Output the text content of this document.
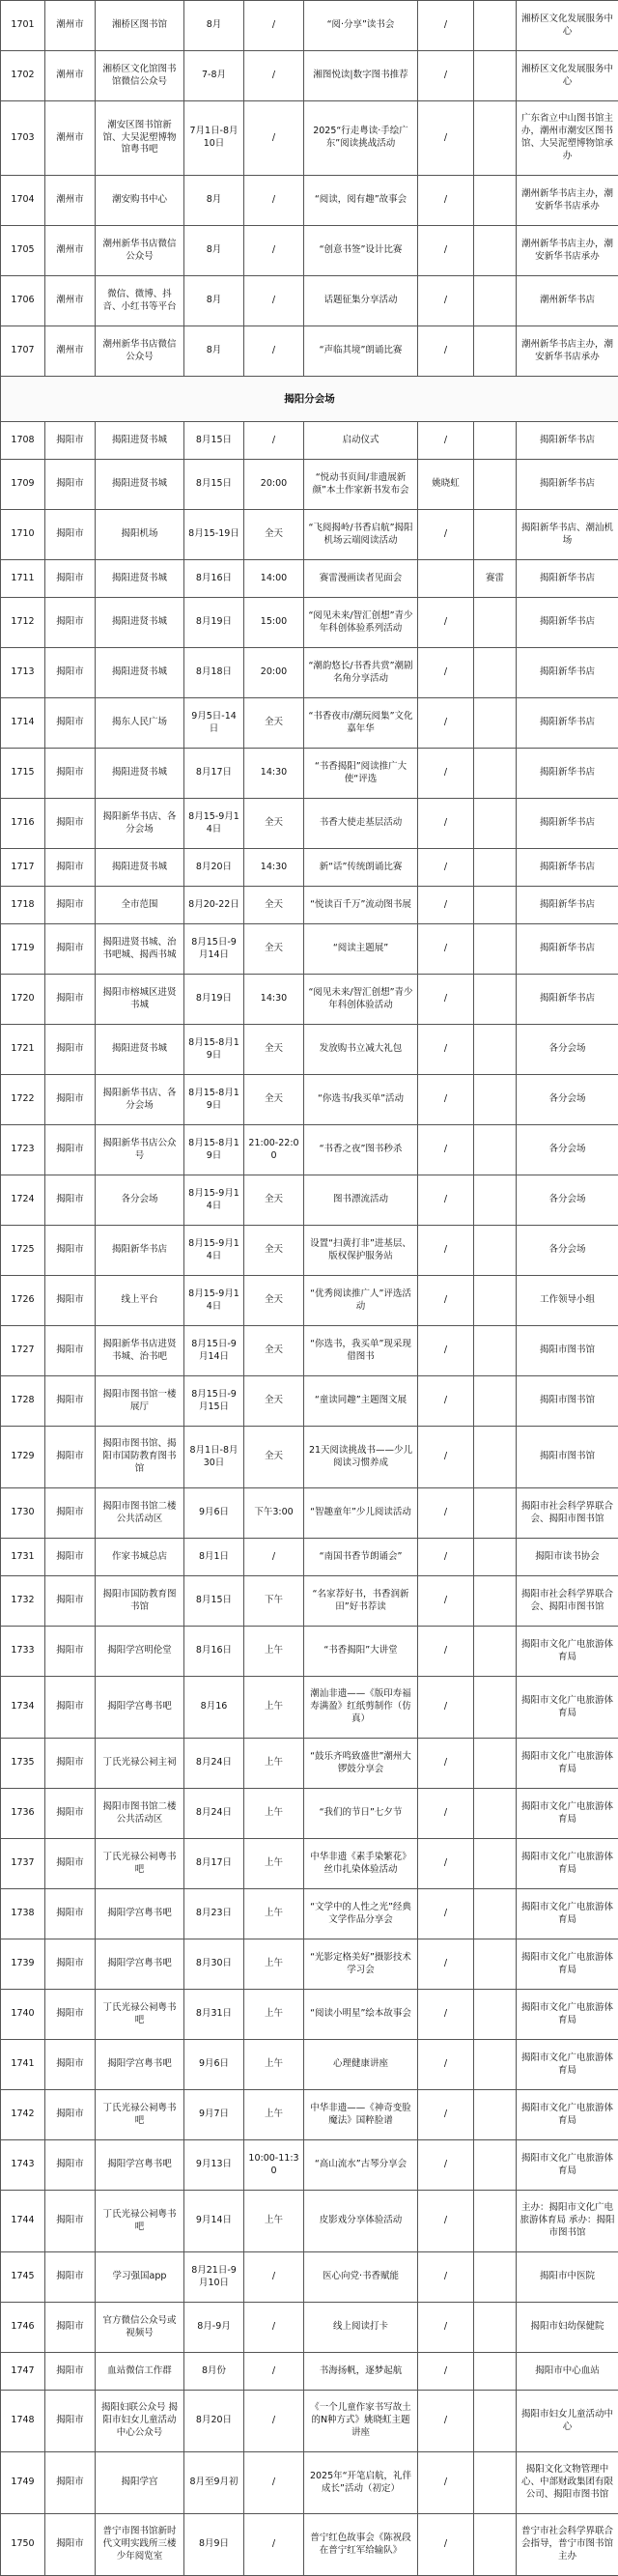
1701	潮州市	湘桥区图书馆	8月	/	“阅·分享”读书会	/		湘桥区文化发展服务中心
1702	潮州市	湘桥区文化馆图书馆微信公众号	7-8月	/	湘图悦读|数字图书推荐	/		湘桥区文化发展服务中心
1703	潮州市	潮安区图书馆新馆、大吴泥塑博物馆粤书吧	7月1日-8月10日	/	2025“行走粤读·手绘广东”阅读挑战活动	/		广东省立中山图书馆主办，潮州市潮安区图书馆、大吴泥塑博物馆承办
1704	潮州市	潮安购书中心	8月	/	“阅读，阅有趣”故事会	/		潮州新华书店主办，潮安新华书店承办
1705	潮州市	潮州新华书店微信公众号	8月	/	“创意书签”设计比赛	/		潮州新华书店主办，潮安新华书店承办
1706	潮州市	微信、微博、抖音、小红书等平台	8月	/	话题征集分享活动	/		潮州新华书店
1707	潮州市	潮州新华书店微信公众号	8月	/	“声临其境”朗诵比赛	/		潮州新华书店主办，潮安新华书店承办
揭阳分会场								
1708	揭阳市	揭阳进贤书城	8月15日	/	启动仪式	/		揭阳新华书店
1709	揭阳市	揭阳进贤书城	8月15日	20:00	“悦动书页间/非遗展新颜”本土作家新书发布会	姚晓虹		揭阳新华书店
1710	揭阳市	揭阳机场	8月15-19日	全天	“飞阅揭岭/书香启航”揭阳机场云端阅读活动	/		揭阳新华书店、潮汕机场
1711	揭阳市	揭阳进贤书城	8月16日	14:00	赛雷漫画读者见面会		赛雷	揭阳新华书店
1712	揭阳市	揭阳进贤书城	8月19日	15:00	“阅见未来/智汇创想”青少年科创体验系列活动	/		揭阳新华书店
1713	揭阳市	揭阳进贤书城	8月18日	20:00	“潮韵悠长/书香共赏”潮剧名角分享活动	/		揭阳新华书店
1714	揭阳市	揭东人民广场	9月5日-14日	全天	“书香夜市/潮玩阅集”文化嘉年华	/		揭阳新华书店
1715	揭阳市	揭阳进贤书城	8月17日	14:30	“书香揭阳”阅读推广大使“评选	/		揭阳新华书店
1716	揭阳市	揭阳新华书店、各分会场	8月15-9月14日	全天	书香大使走基层活动	/		揭阳新华书店
1717	揭阳市	揭阳进贤书城	8月20日	14:30	新“话”传统朗诵比赛	/		揭阳新华书店
1718	揭阳市	全市范围	8月20-22日	全天	“悦读百千万”流动图书展	/		揭阳新华书店
1719	揭阳市	揭阳进贤书城、治书吧城、揭西书城	8月15日-9月14日	全天	“阅读主题展”	/		揭阳新华书店
1720	揭阳市	揭阳市榕城区进贤书城	8月19日	14:30	“阅见未来/智汇创想”青少年科创体验活动	/		揭阳新华书店
1721	揭阳市	揭阳进贤书城	8月15-8月19日	全天	发放购书立减大礼包	/		各分会场
1722	揭阳市	揭阳新华书店、各分会场	8月15-8月19日	全天	“你选书/我买单”活动	/		各分会场
1723	揭阳市	揭阳新华书店公众号	8月15-8月19日	21:00-22:00	“书香之夜”图书秒杀	/		各分会场
1724	揭阳市	各分会场	8月15-9月14日	全天	图书漂流活动	/		各分会场
1725	揭阳市	揭阳新华书店	8月15-9月14日	全天	设置“扫黄打非”进基层、版权保护服务站	/		各分会场
1726	揭阳市	线上平台	8月15-9月14日	全天	“优秀阅读推广人”评选活动	/		工作领导小组
1727	揭阳市	揭阳新华书店进贤书城、治书吧	8月15日-9月14日	全天	“你选书，我买单”现采现借图书	/		揭阳市图书馆
1728	揭阳市	揭阳市图书馆一楼展厅	8月15日-9月15日	全天	“童读同趣”主题图文展	/		揭阳市图书馆
1729	揭阳市	揭阳市图书馆、揭阳市国防教育图书馆	8月1日-8月30日	全天	21天阅读挑战书——少儿阅读习惯养成	/		揭阳市图书馆
1730	揭阳市	揭阳市图书馆二楼公共活动区	9月6日	下午3:00	“智趣童年”少儿阅读活动	/		揭阳市社会科学界联合会、揭阳市图书馆
1731	揭阳市	作家书城总店	8月1日	/	“南国书香节朗诵会”	/		揭阳市读书协会
1732	揭阳市	揭阳市国防教育图书馆	8月15日	下午	“名家荐好书，书香润新田”好书荐读	/		揭阳市社会科学界联合会、揭阳市图书馆
1733	揭阳市	揭阳学宫明伦堂	8月16日	上午	“书香揭阳”大讲堂	/		揭阳市文化广电旅游体育局
1734	揭阳市	揭阳学宫粤书吧	8月16	上午	潮汕非遗——《版印寿福寿满盈》红纸剪制作（仿真）	/		揭阳市文化广电旅游体育局
1735	揭阳市	丁氏光禄公祠主祠	8月24日	上午	“鼓乐齐鸣致盛世”潮州大锣鼓分享会	/		揭阳市文化广电旅游体育局
1736	揭阳市	揭阳市图书馆二楼公共活动区	8月24日	上午	“我们的节日”七夕节	/		揭阳市文化广电旅游体育局
1737	揭阳市	丁氏光禄公祠粤书吧	8月17日	上午	中华非遗《素手染繁花》丝巾扎染体验活动	/		揭阳市文化广电旅游体育局
1738	揭阳市	揭阳学宫粤书吧	8月23日	上午	“文学中的人性之光”经典文学作品分享会	/		揭阳市文化广电旅游体育局
1739	揭阳市	揭阳学宫粤书吧	8月30日	上午	“光影定格美好”摄影技术学习会	/		揭阳市文化广电旅游体育局
1740	揭阳市	丁氏光禄公祠粤书吧	8月31日	上午	“阅读小明星”绘本故事会	/		揭阳市文化广电旅游体育局
1741	揭阳市	揭阳学宫粤书吧	9月6日	上午	心理健康讲座	/		揭阳市文化广电旅游体育局
1742	揭阳市	丁氏光禄公祠粤书吧	9月7日	上午	中华非遗——《神奇变脸魔法》国粹脸谱	/		揭阳市文化广电旅游体育局
1743	揭阳市	揭阳学宫粤书吧	9月13日	10:00-11:30	“高山流水”古琴分享会	/		揭阳市文化广电旅游体育局
1744	揭阳市	丁氏光禄公祠粤书吧	9月14日	上午	皮影戏分享体验活动	/		主办：揭阳市文化广电旅游体育局 承办：揭阳市图书馆
1745	揭阳市	学习强国app	8月21日-9月10日	/	医心向党·书香赋能	/		揭阳市中医院
1746	揭阳市	官方微信公众号或视频号	8月-9月	/	线上阅读打卡	/		揭阳市妇幼保健院
1747	揭阳市	血站微信工作群	8月份	/	书海扬帆，逐梦起航	/		揭阳市中心血站
1748	揭阳市	揭阳妇联公众号 揭阳市妇女儿童活动中心公众号	8月20日	/	《一个儿童作家书写故土的N种方式》姚晓虹主题讲座	/		揭阳市妇女儿童活动中心
1749	揭阳市	揭阳学宫	8月至9月初	/	2025年“开笔启航，礼伴成长”活动（初定）	/		揭阳文化文物管理中心、中部财政集团有限公司、揭阳市图书馆
1750	揭阳市	普宁市图书馆新时代文明实践所三楼少年阅览室	8月9日	/	普宁红色故事会《陈祝段在普宁红军给输队》	/		普宁市社会科学界联合会指导，普宁市图书馆主办
